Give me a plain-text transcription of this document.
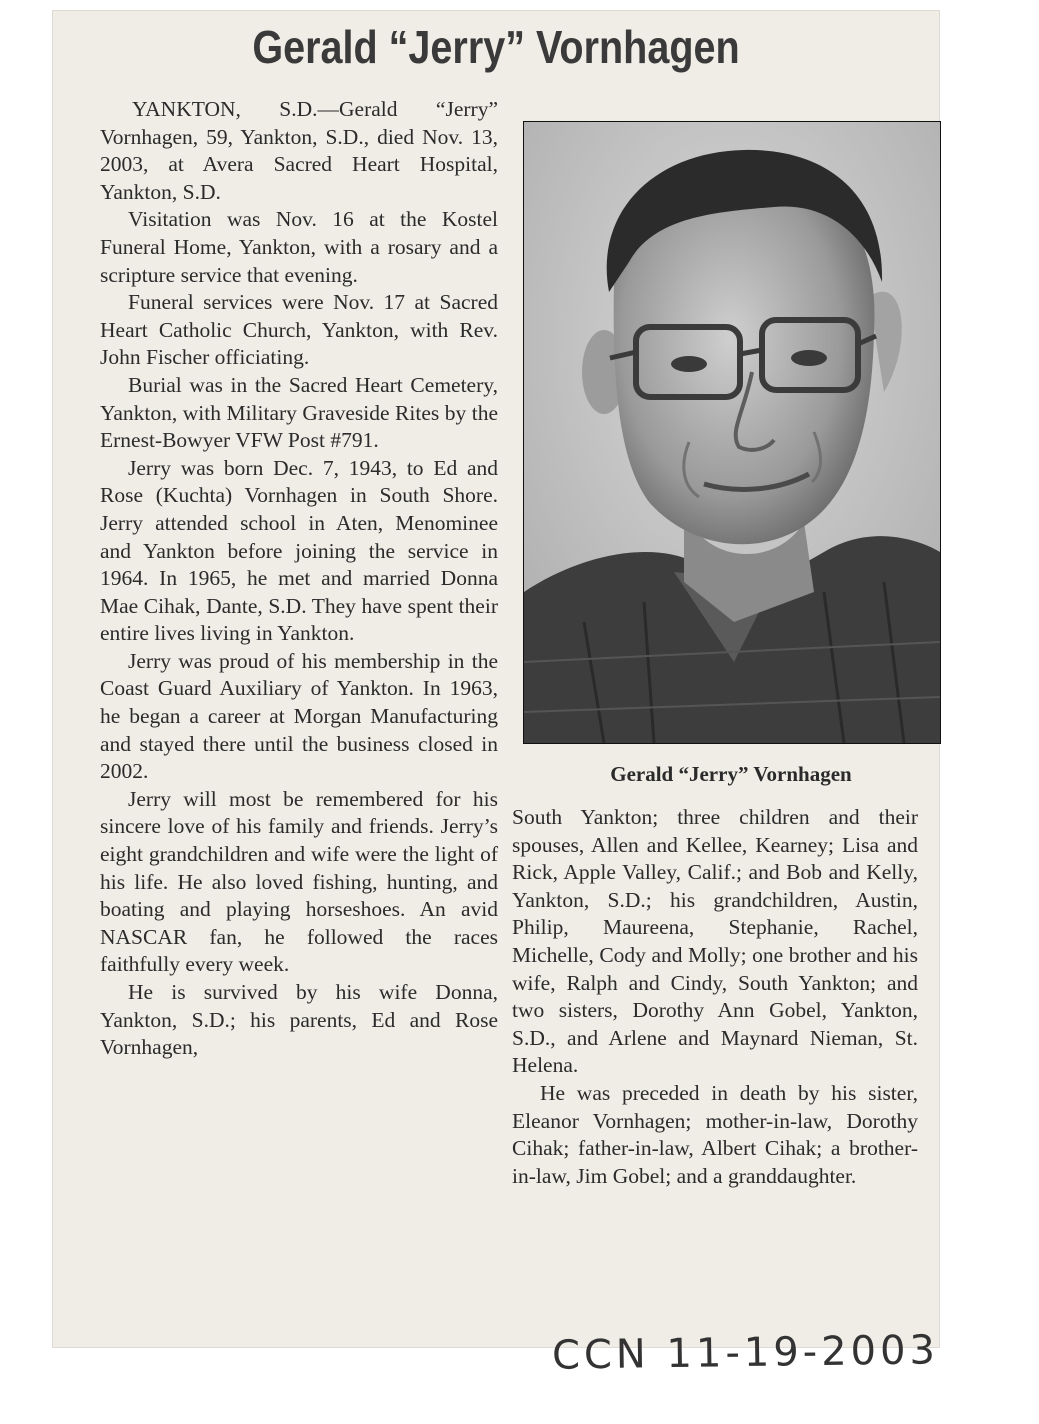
Gerald “Jerry” Vornhagen

YANKTON, S.D.—Gerald “Jerry” Vornhagen, 59, Yankton, S.D., died Nov. 13, 2003, at Avera Sacred Heart Hospital, Yankton, S.D.

Visitation was Nov. 16 at the Kostel Funeral Home, Yankton, with a rosary and a scripture service that evening.

Funeral services were Nov. 17 at Sacred Heart Catholic Church, Yankton, with Rev. John Fischer officiating.

Burial was in the Sacred Heart Cemetery, Yankton, with Military Graveside Rites by the Ernest-Bowyer VFW Post #791.

Jerry was born Dec. 7, 1943, to Ed and Rose (Kuchta) Vornhagen in South Shore. Jerry attended school in Aten, Menominee and Yankton before joining the service in 1964. In 1965, he met and married Donna Mae Cihak, Dante, S.D. They have spent their entire lives living in Yankton.

Jerry was proud of his membership in the Coast Guard Auxiliary of Yankton. In 1963, he began a career at Morgan Manufacturing and stayed there until the business closed in 2002.

Jerry will most be remembered for his sincere love of his family and friends. Jerry’s eight grandchildren and wife were the light of his life. He also loved fishing, hunting, and boating and playing horseshoes. An avid NASCAR fan, he followed the races faithfully every week.

He is survived by his wife Donna, Yankton, S.D.; his parents, Ed and Rose Vornhagen,

Gerald “Jerry” Vornhagen

South Yankton; three children and their spouses, Allen and Kellee, Kearney; Lisa and Rick, Apple Valley, Calif.; and Bob and Kelly, Yankton, S.D.; his grandchildren, Austin, Philip, Maureena, Stephanie, Rachel, Michelle, Cody and Molly; one brother and his wife, Ralph and Cindy, South Yankton; and two sisters, Dorothy Ann Gobel, Yankton, S.D., and Arlene and Maynard Nieman, St. Helena.

He was preceded in death by his sister, Eleanor Vornhagen; mother-in-law, Dorothy Cihak; father-in-law, Albert Cihak; a brother-in-law, Jim Gobel; and a granddaughter.

CCN 11-19-2003
